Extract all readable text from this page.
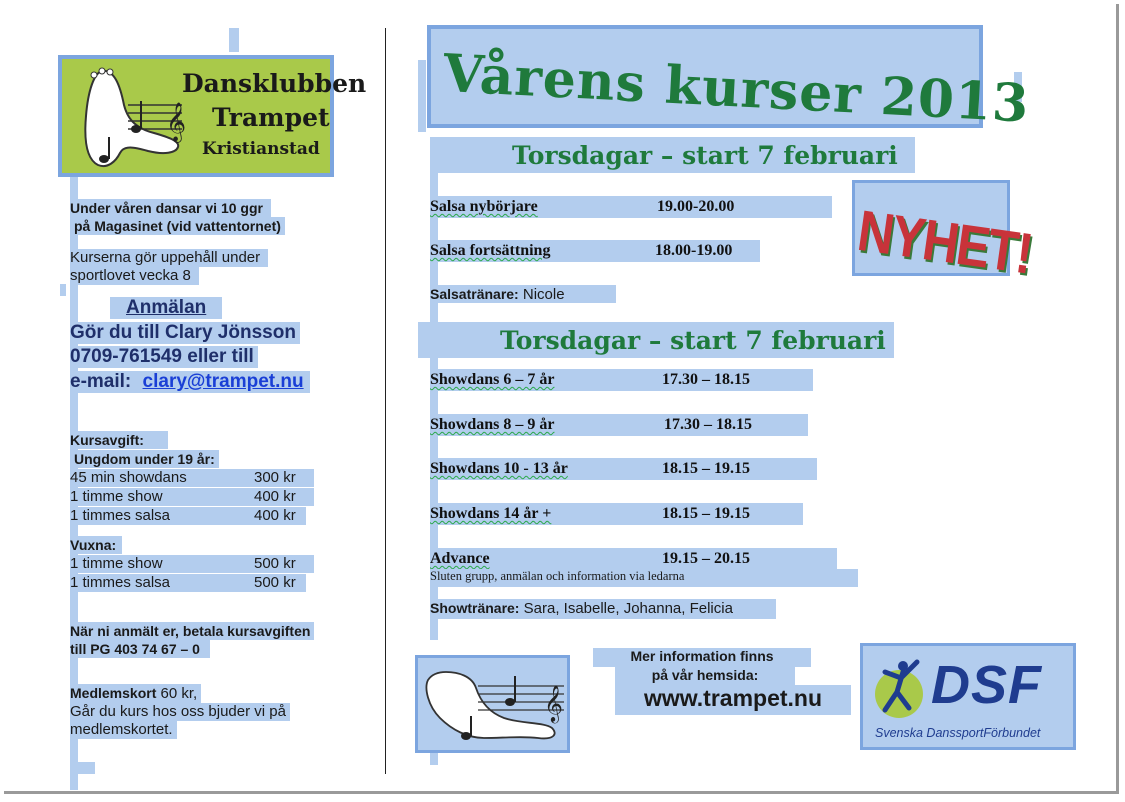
𝄞
Dansklubben
Trampet
Kristianstad
Under våren dansar vi 10 ggr
på Magasinet (vid vattentornet)
Kurserna gör uppehåll under
sportlovet vecka 8
Anmälan
Gör du till Clary Jönsson
0709-761549 eller till
e-mail: clary@trampet.nu
Kursavgift:
Ungdom under 19 år:
45 min showdans	300 kr
1 timme show	400 kr
1 timmes salsa	400 kr
Vuxna:
1 timme show	500 kr
1 timmes salsa	500 kr
När ni anmält er, betala kursavgiften
till PG 403 74 67 – 0
Medlemskort 60 kr,
Går du kurs hos oss bjuder vi på
medlemskortet.
Vårens kurser 2013
Torsdagar – start 7 februari
NYHET!
Salsa nybörjare	19.00-20.00
Salsa fortsättning	18.00-19.00
Salsatränare: Nicole
Torsdagar – start 7 februari
Showdans 6 – 7 år	17.30 – 18.15
Showdans 8 – 9 år	17.30 – 18.15
Showdans 10 - 13 år	18.15 – 19.15
Showdans 14 år +	18.15 – 19.15
Advance	19.15 – 20.15
Sluten grupp, anmälan och information via ledarna
Showtränare: Sara, Isabelle, Johanna, Felicia
𝄞
Mer information finns
på vår hemsida:
www.trampet.nu	DSF
Svenska DanssportFörbundet
